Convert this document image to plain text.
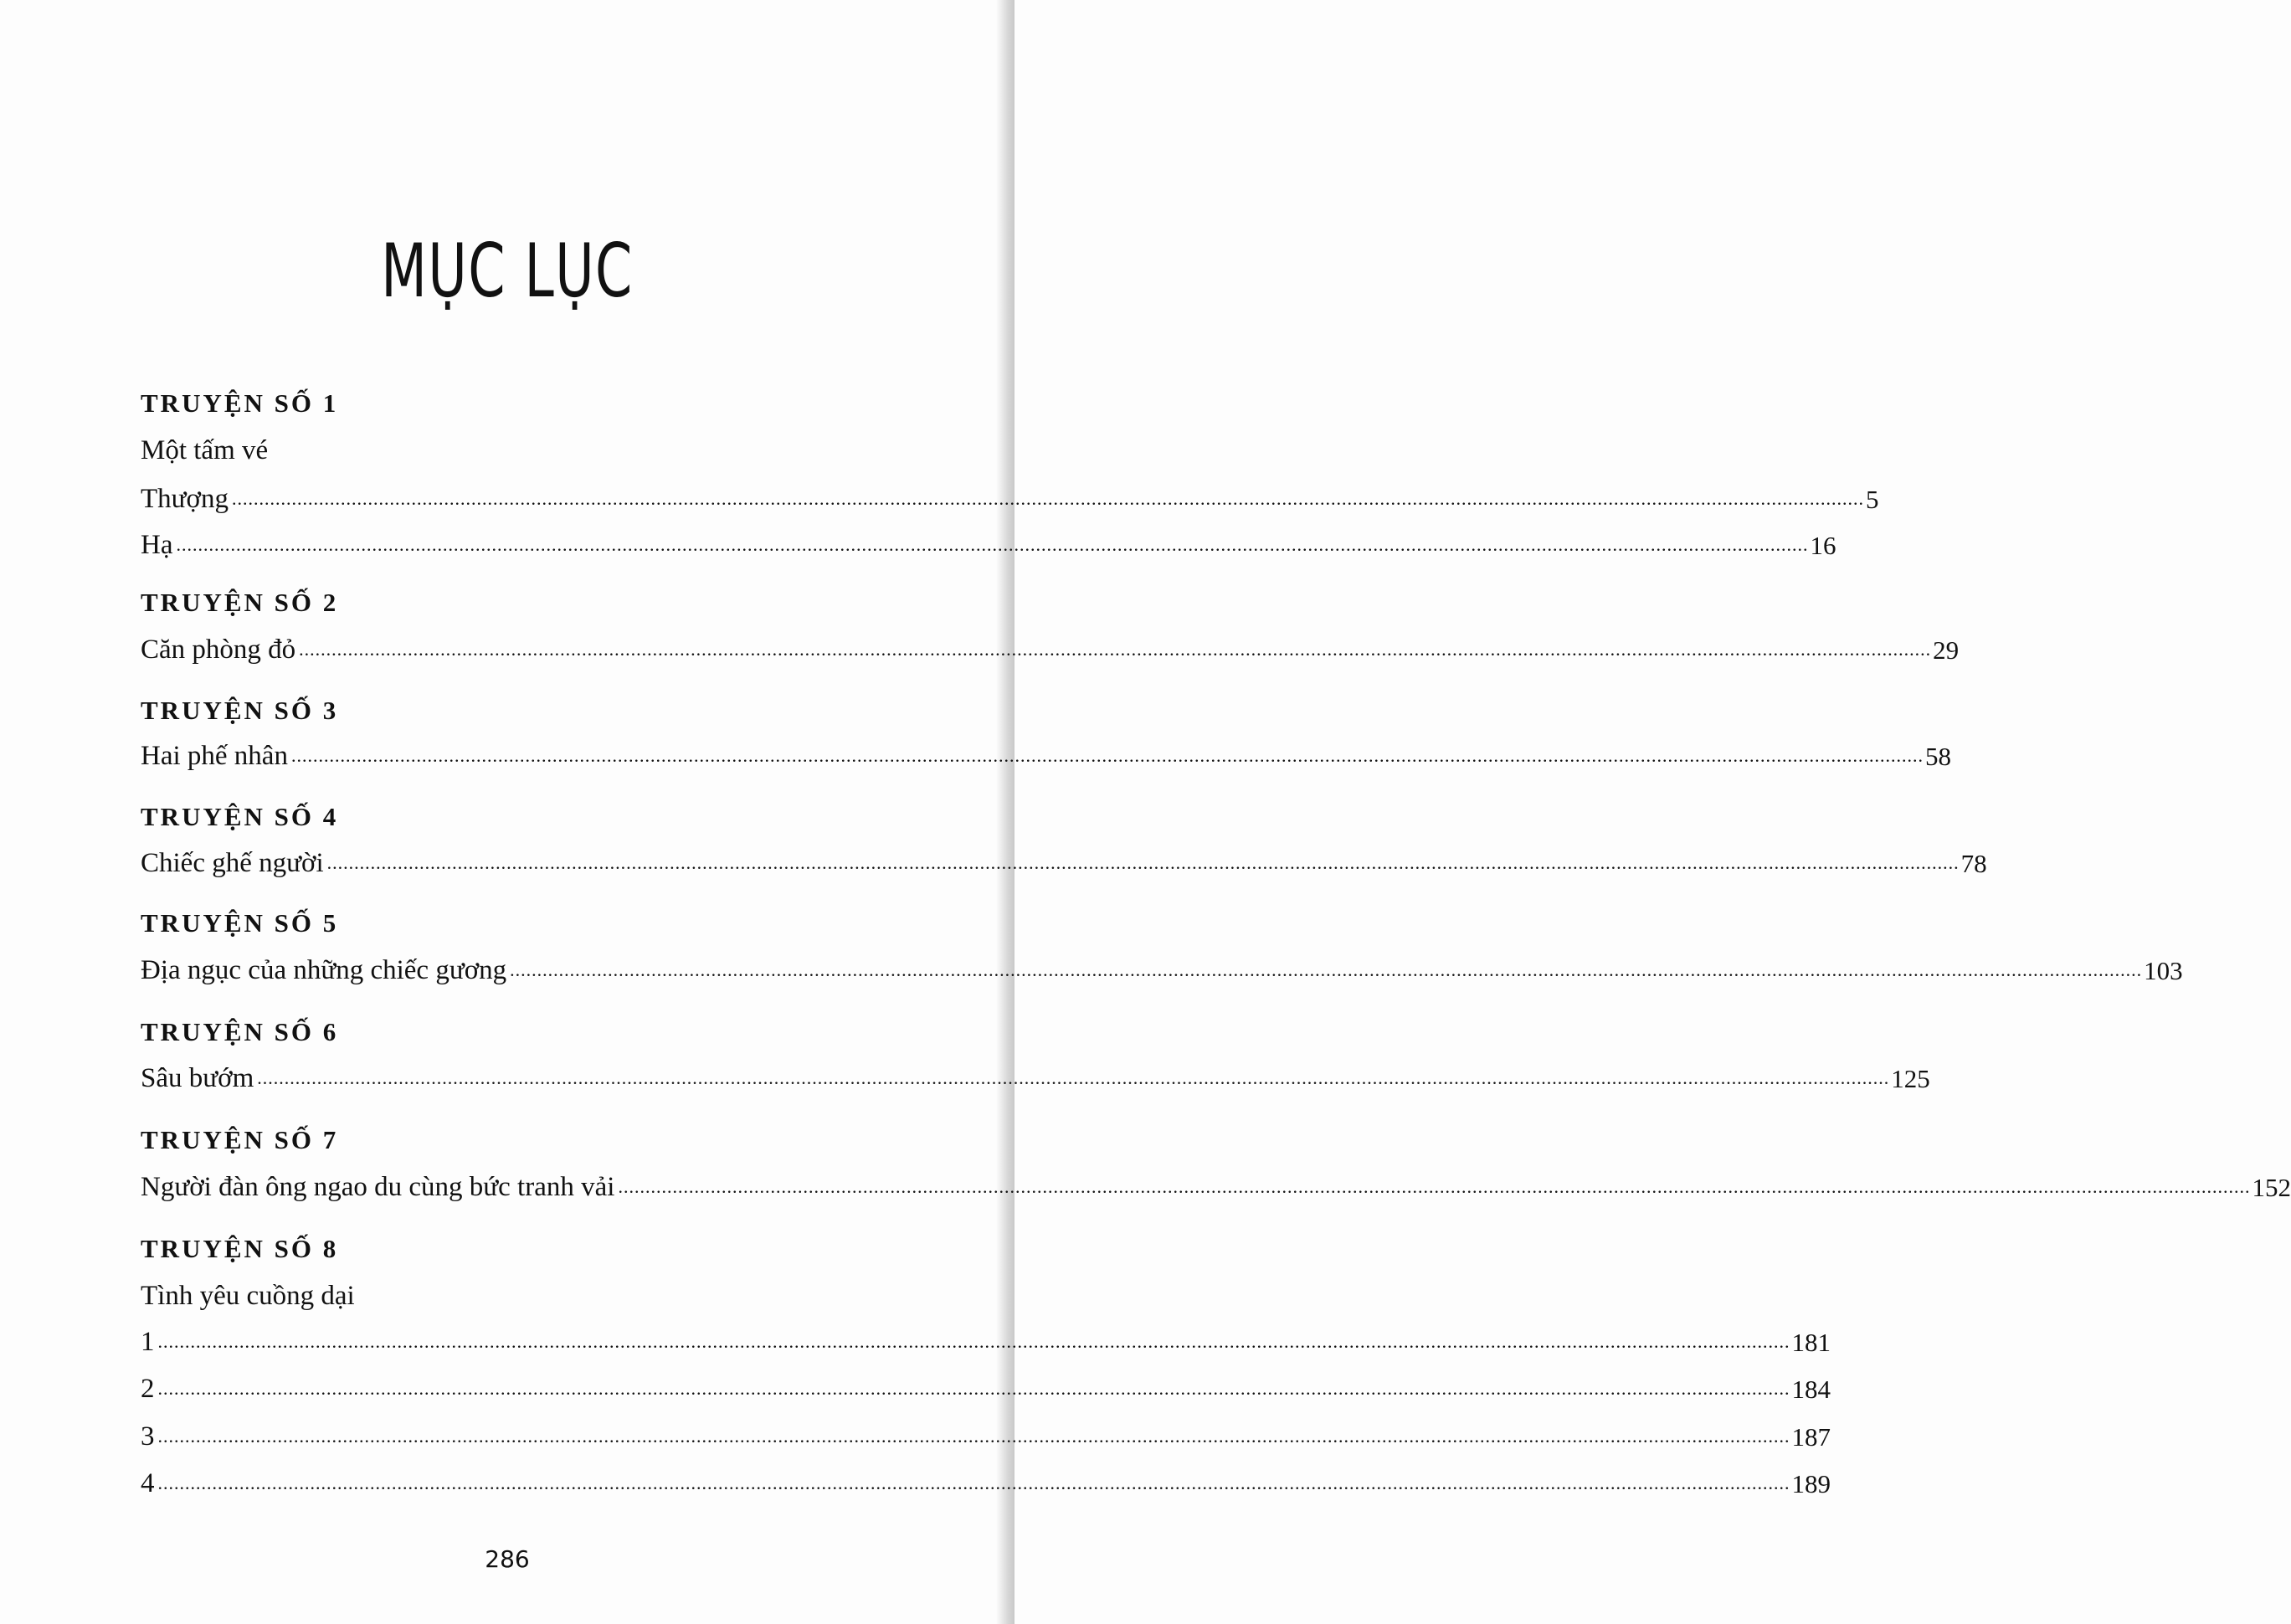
MỤC LỤC
TRUYỆN SỐ 1
Một tấm vé
Thượng ............................................................................................................................................................................................................................................................................................................ 5
Hạ ............................................................................................................................................................................................................................................................................................................ 16
TRUYỆN SỐ 2
Căn phòng đỏ ............................................................................................................................................................................................................................................................................................................ 29
TRUYỆN SỐ 3
Hai phế nhân ............................................................................................................................................................................................................................................................................................................ 58
TRUYỆN SỐ 4
Chiếc ghế người ............................................................................................................................................................................................................................................................................................................ 78
TRUYỆN SỐ 5
Địa ngục của những chiếc gương ............................................................................................................................................................................................................................................................................................................ 103
TRUYỆN SỐ 6
Sâu bướm ............................................................................................................................................................................................................................................................................................................ 125
TRUYỆN SỐ 7
Người đàn ông ngao du cùng bức tranh vải ............................................................................................................................................................................................................................................................................................................ 152
TRUYỆN SỐ 8
Tình yêu cuồng dại
1 ............................................................................................................................................................................................................................................................................................................ 181
2 ............................................................................................................................................................................................................................................................................................................ 184
3 ............................................................................................................................................................................................................................................................................................................ 187
4 ............................................................................................................................................................................................................................................................................................................ 189
286
